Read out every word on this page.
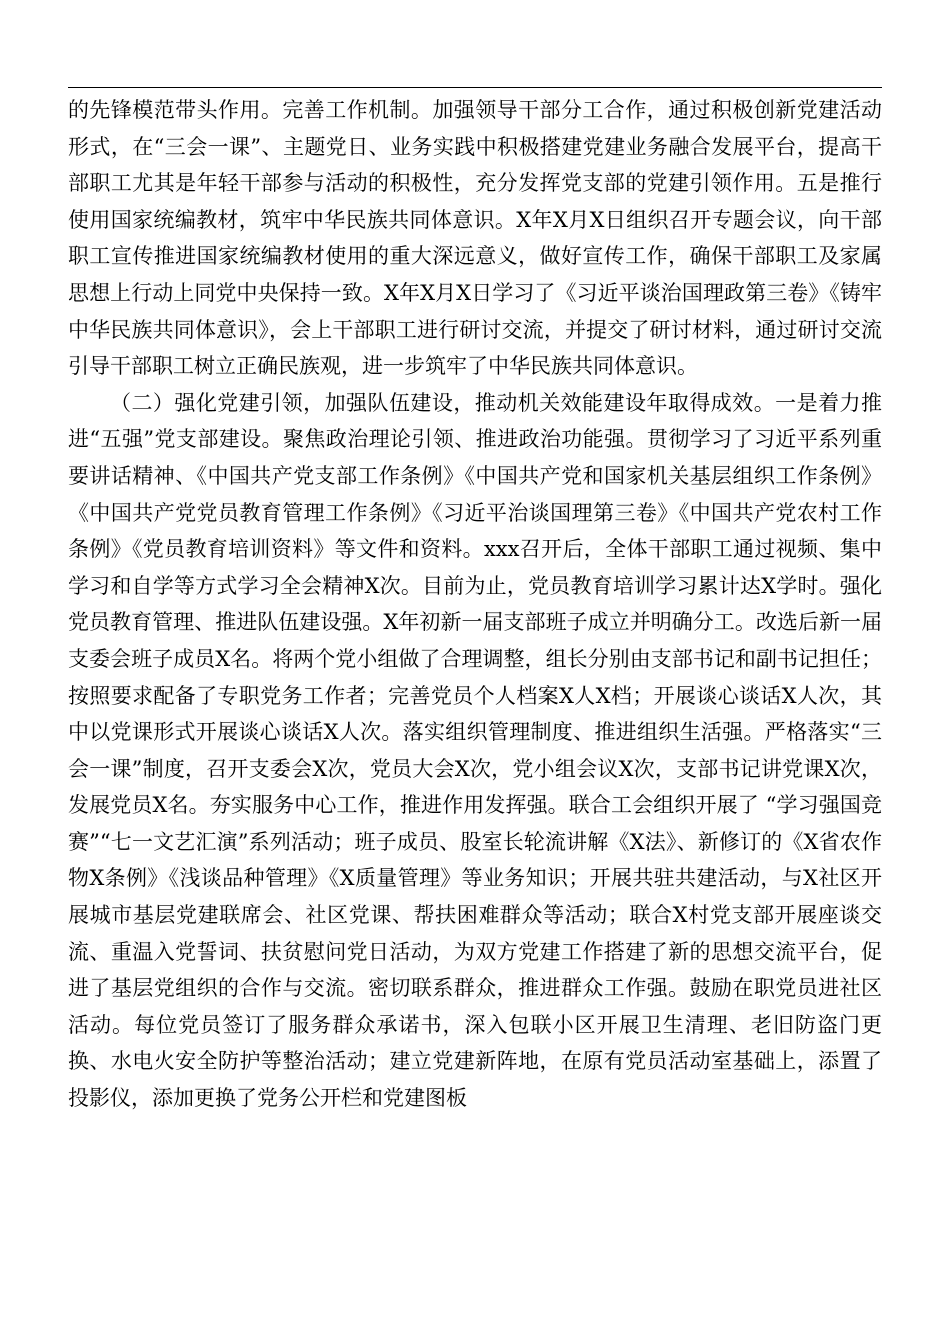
的先锋模范带头作用。完善工作机制。加强领导干部分工合作，通过积极创新党建活动形式，在“三会一课”、主题党日、业务实践中积极搭建党建业务融合发展平台，提高干部职工尤其是年轻干部参与活动的积极性，充分发挥党支部的党建引领作用。五是推行使用国家统编教材，筑牢中华民族共同体意识。X年X月X日组织召开专题会议，向干部职工宣传推进国家统编教材使用的重大深远意义，做好宣传工作，确保干部职工及家属思想上行动上同党中央保持一致。X年X月X日学习了《习近平谈治国理政第三卷》《铸牢中华民族共同体意识》，会上干部职工进行研讨交流，并提交了研讨材料，通过研讨交流引导干部职工树立正确民族观，进一步筑牢了中华民族共同体意识。

（二）强化党建引领，加强队伍建设，推动机关效能建设年取得成效。一是着力推进“五强”党支部建设。聚焦政治理论引领、推进政治功能强。贯彻学习了习近平系列重要讲话精神、《中国共产党支部工作条例》《中国共产党和国家机关基层组织工作条例》《中国共产党党员教育管理工作条例》《习近平治谈国理第三卷》《中国共产党农村工作条例》《党员教育培训资料》等文件和资料。xxx召开后，全体干部职工通过视频、集中学习和自学等方式学习全会精神X次。目前为止，党员教育培训学习累计达X学时。强化党员教育管理、推进队伍建设强。X年初新一届支部班子成立并明确分工。改选后新一届支委会班子成员X名。将两个党小组做了合理调整，组长分别由支部书记和副书记担任；按照要求配备了专职党务工作者；完善党员个人档案X人X档；开展谈心谈话X人次，其中以党课形式开展谈心谈话X人次。落实组织管理制度、推进组织生活强。严格落实“三会一课”制度，召开支委会X次，党员大会X次，党小组会议X次，支部书记讲党课X次，发展党员X名。夯实服务中心工作，推进作用发挥强。联合工会组织开展了 “学习强国竞赛”“七一文艺汇演”系列活动；班子成员、股室长轮流讲解《X法》、新修订的《X省农作物X条例》《浅谈品种管理》《X质量管理》等业务知识；开展共驻共建活动，与X社区开展城市基层党建联席会、社区党课、帮扶困难群众等活动；联合X村党支部开展座谈交流、重温入党誓词、扶贫慰问党日活动，为双方党建工作搭建了新的思想交流平台，促进了基层党组织的合作与交流。密切联系群众，推进群众工作强。鼓励在职党员进社区活动。每位党员签订了服务群众承诺书，深入包联小区开展卫生清理、老旧防盗门更换、水电火安全防护等整治活动；建立党建新阵地，在原有党员活动室基础上，添置了投影仪，添加更换了党务公开栏和党建图板
